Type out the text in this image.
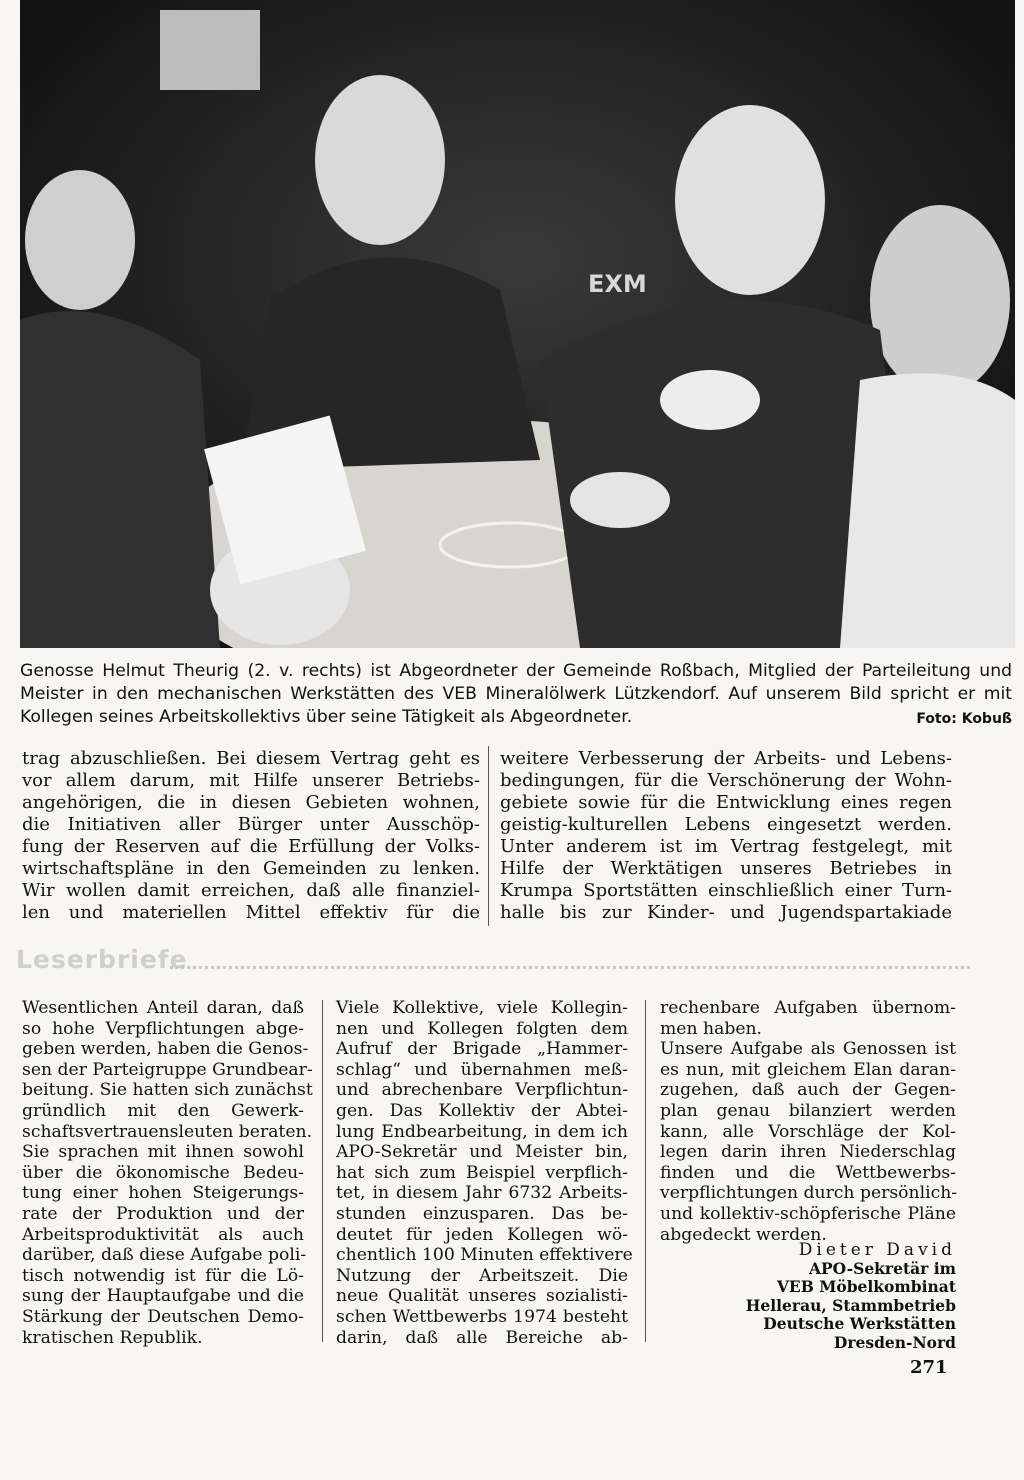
EXM
Genosse Helmut Theurig (2. v. rechts) ist Abgeordneter der Gemeinde Roßbach, Mitglied der Parteileitung und Meister in den mechanischen Werkstätten des VEB Mineralölwerk Lützkendorf. Auf unserem Bild spricht er mit Kollegen seines Arbeitskollektivs über seine Tätigkeit als Abgeordneter.	Foto: Kobuß
trag abzuschließen. Bei diesem Vertrag geht es
vor allem darum, mit Hilfe unserer Betriebs-
angehörigen, die in diesen Gebieten wohnen,
die Initiativen aller Bürger unter Ausschöp-
fung der Reserven auf die Erfüllung der Volks-
wirtschaftspläne in den Gemeinden zu lenken.
Wir wollen damit erreichen, daß alle finanziel-
len und materiellen Mittel effektiv für die
weitere Verbesserung der Arbeits- und Lebens-
bedingungen, für die Verschönerung der Wohn-
gebiete sowie für die Entwicklung eines regen
geistig-kulturellen Lebens eingesetzt werden.
Unter anderem ist im Vertrag festgelegt, mit
Hilfe der Werktätigen unseres Betriebes in
Krumpa Sportstätten einschließlich einer Turn-
halle bis zur Kinder- und Jugendspartakiade
Leserbriefe
Wesentlichen Anteil daran, daß
so hohe Verpflichtungen abge-
geben werden, haben die Genos-
sen der Parteigruppe Grundbear-
beitung. Sie hatten sich zunächst
gründlich mit den Gewerk-
schaftsvertrauensleuten beraten.
Sie sprachen mit ihnen sowohl
über die ökonomische Bedeu-
tung einer hohen Steigerungs-
rate der Produktion und der
Arbeitsproduktivität als auch
darüber, daß diese Aufgabe poli-
tisch notwendig ist für die Lö-
sung der Hauptaufgabe und die
Stärkung der Deutschen Demo-
kratischen Republik.
Viele Kollektive, viele Kollegin-
nen und Kollegen folgten dem
Aufruf der Brigade „Hammer-
schlag“ und übernahmen meß-
und abrechenbare Verpflichtun-
gen. Das Kollektiv der Abtei-
lung Endbearbeitung, in dem ich
APO-Sekretär und Meister bin,
hat sich zum Beispiel verpflich-
tet, in diesem Jahr 6732 Arbeits-
stunden einzusparen. Das be-
deutet für jeden Kollegen wö-
chentlich 100 Minuten effektivere
Nutzung der Arbeitszeit. Die
neue Qualität unseres sozialisti-
schen Wettbewerbs 1974 besteht
darin, daß alle Bereiche ab-
rechenbare Aufgaben übernom-
men haben.
Unsere Aufgabe als Genossen ist
es nun, mit gleichem Elan daran-
zugehen, daß auch der Gegen-
plan genau bilanziert werden
kann, alle Vorschläge der Kol-
legen darin ihren Niederschlag
finden und die Wettbewerbs-
verpflichtungen durch persönlich-
und kollektiv-schöpferische Pläne
abgedeckt werden.
Dieter David
APO-Sekretär im
VEB Möbelkombinat
Hellerau, Stammbetrieb
Deutsche Werkstätten
Dresden-Nord
271
